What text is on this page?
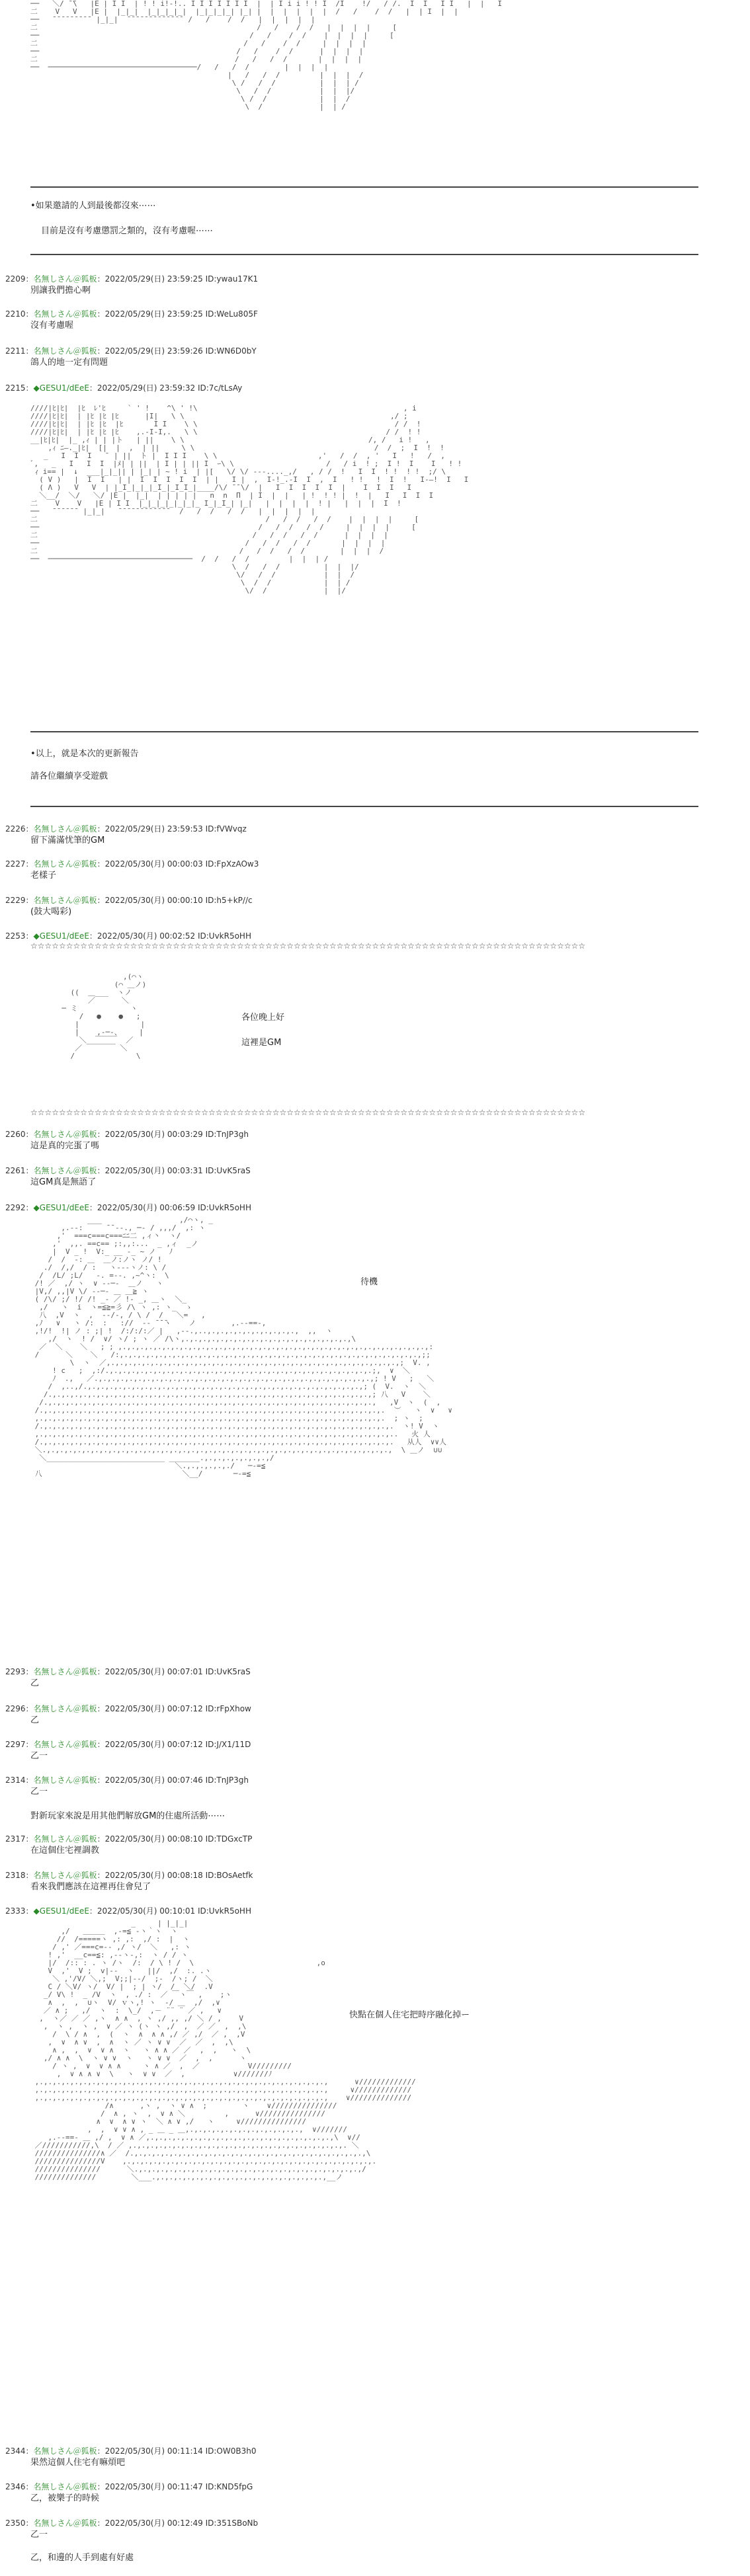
──   ＼/ ̄ ̄\   |E | I I  | ! ! i!-!.. I I I I I I I  |  | I i i ! ! I  /I    !/   / /.  I  I   I I   |  |   I
二    V   V   |E |  |_|_|  |_|_|_|_|  |_|_|_|_| |_| |  |  |  |  |  |  /   /    /  /   |  | I  |  |
──   ̄ ̄ ̄ ̄ ̄ ̄ ̄ ̄ ̄  |_|_|  ̄ ̄ ̄ ̄ ̄ ̄ ̄ ̄ ̄ ̄ ̄ ̄ ̄  /   /    /  /   |  |  |  |  |
二                                                  /   /    /  /   |  |  |  |     [
──                                                /   /    /  /    |  |  |  |     [
二                                               /   /    /  /     |  |  |  |
──                                             /   /    /  /      |  |  |  |
二                                             /   /   /  /       |  |  |  |
──  ──────────────────────────────────/   /   /  /        |  |  |  |
|   /   /  /         |  |  |  /
\ /   /  /          |  |  | /
\   /  /           |  |  |/
\ /  /            |  |  /
\  /             |  | /
•如果邀請的人到最後都沒來⋯⋯
目前是沒有考慮懲罰之類的，沒有考慮喔⋯⋯
2209：名無しさん＠狐板：2022/05/29(日) 23:59:25 ID:ywau17K1
別讓我們擔心啊
2210：名無しさん＠狐板：2022/05/29(日) 23:59:25 ID:WeLu805F
沒有考慮喔
2211：名無しさん＠狐板：2022/05/29(日) 23:59:26 ID:WN6D0bY
鴿人的地一定有問題
2215：◆GESU1/dEeE：2022/05/29(日) 23:59:32 ID:7c/tLsAy
////|ﾋ|ﾋ|  |ﾋ  ﾚ'ﾋ     ` ' !    ^\ ' !\                                               , i
////|ﾋ|ﾋ|  | |ﾋ |ﾋ |ﾋ      |I|   \ \                                               ,/ ;
////|ﾋ|ﾋ|  | |ﾋ |ﾋ  |ﾋ       I I    \ \                                             / /  !
////|ﾋ|ﾋ|  | |ﾋ |ﾋ |ﾋ    ,.-I-I,.   \ \                                           / /  ! !
__|ﾋ|ﾋ|  |_ ,ｨ | | |ト   | ||    \ \                                          /, /   i !   ,
,ｨ ﾆ―._|ﾋ|  [|  |  ,  | ||     \ \                                         /  /  ;  I  !  !
_   I  I  I   ˉ | ||  ト |  I I I    \ \                       ,'   /  /  , '   I   !   /  ,
ﾞ,   _   I   I  I  |ﾒ| | ||  | I | | || I  ｰ\ \                     /   / i  ! ;  I !  I    I   ! !
ｨ i== |  ↓  ___|_|_|| | |_| | ~ ! i  | |[   \/ \/ ---...._,/   , / /  !   I  I  ! !  ! !  ;/ \
( V )   |  I  I   | |  I  I  I  I  I  | |   I |  ,  I-!_.-I  I  ,  I   ! !   !  I  !   I-—!  I   I
( Λ )   V   V  | |_I_|_|_|_I_|_I_I_|____/\/ ̄ ̄ \/  |   I  I  I  I  I  |    I  I  I   I
＼__/  ＼/   ＼/ |E |  |_|  | | | | |   n  n  Π  | I  |  |   | !  ! ! |  !  |   I   I  I  I
二    V    V   |E | I I  |_|_|_|_|_|_|_ I_|_I_| |_|   |  |  |  |  ! |   |  |  |  I  !
──   ̄ ̄ ̄ ̄ ̄ ̄  |_|_|   ̄ ̄ ̄ ̄ ̄ ̄ ̄ ̄ ̄ ̄ ̄ ̄   /   /  /   /  /   |  |  |  |  |
二                                                    /   /  /   /  /    |  |  |  |     [
──                                                  /   /  /   /  /     |  |  |  |     [
二                                                 /   /  /   /  /      |  |  |  |
──                                               /   /  /   /  /       |  |  |  |
二                                              /   /  /   /  /        |  |  |  /
──  ─────────────────────────────────  /  /   /  /         |  |  | /
\  /   /  /          |  |  |/
\/   /  /           |  |  /
\  /  /            |  | /
\/  /             |  |/
•以上，就是本次的更新報告
請各位繼續享受遊戲
2226：名無しさん＠狐板：2022/05/29(日) 23:59:53 ID:fVWvqz
留下滿滿忧筆的GM
2227：名無しさん＠狐板：2022/05/30(月) 00:00:03 ID:FpXzAOw3
老樣子
2229：名無しさん＠狐板：2022/05/30(月) 00:00:10 ID:h5+kP//c
(鼓大喝彩)
2253：◆GESU1/dEeE：2022/05/30(月) 00:02:52 ID:UvkR5oHH
☆☆☆☆☆☆☆☆☆☆☆☆☆☆☆☆☆☆☆☆☆☆☆☆☆☆☆☆☆☆☆☆☆☆☆☆☆☆☆☆☆☆☆☆☆☆☆☆☆☆☆☆☆☆☆☆☆☆☆☆☆☆☆☆☆☆☆☆☆☆☆☆☆☆☆☆☆☆
,(⌒ヽ
(⌒ ＿ノ)
((  ＿___  ヽノ
／      ＼
─ ミ            ヽ
/   ●    ●   ;
|              |
|    ,-─‐、    |
＼  ￣￣￣  ／
／ ￣￣￣￣ ＼
/              \
各位晚上好
這裡是GM
☆☆☆☆☆☆☆☆☆☆☆☆☆☆☆☆☆☆☆☆☆☆☆☆☆☆☆☆☆☆☆☆☆☆☆☆☆☆☆☆☆☆☆☆☆☆☆☆☆☆☆☆☆☆☆☆☆☆☆☆☆☆☆☆☆☆☆☆☆☆☆☆☆☆☆☆☆☆
2260：名無しさん＠狐板：2022/05/30(月) 00:03:29 ID:TnJP3gh
這是真的完蛋了嗎
2261：名無しさん＠狐板：2022/05/30(月) 00:03:31 ID:UvK5raS
這GM真是無語了
2292：◆GESU1/dEeE：2022/05/30(月) 00:06:59 ID:UvkR5oHH
,/⌒ヽ, _
,.-‐: ￣￣ ̄ ̄ ‐-., ─- / ,,,/  ,: ヽ
,'  ===c===c===ﾆﾆ二 ,ィ丶  ヽ/
,'  ,,. ==c== ;:,,:...  _ ,ィ  _ノ
|  V _ !  V:_ __ -_ ~ ノ   ﾉ
/  /  ‐: ＿  ＿ノ:ノヽ ノ/ !
./  /,/  / :   ヽ--‐ヽノ: \ /
/  /L/ ;L/   ‐. =‐-. ,~^ヽ:  \
/! ／  ,/ ヽ  ∨ ‐-─‐  ＿ノ   ヽ
|V,/ ,,|V \/ ‐-─- ＿ ＿≧ ヽ
( /\/ ;/ !/ /! _- ／ !‐ _, ＿ヽ  ＼_
,/   ヽ  i  ヽ=≦≧=彡 /\ ヽ ,: ヽ_  ゝ
八  ,V  ヽ  ,  ‐-/-, / \ /  /   ＼=   ,
,ﾉ   ∨   ヽ /:  :   ://  -‐ ̄ ̄ ̄ヽ    ノ        ,.-‐==-,
,!/!  !| ノ : ;| !  /:/:/:／ |   ,-‐.,..,.,.,.,.,.,.,.,.,.,.,  ,,  ヽ
,/  ヽ  ! /  ∨/ ヽ/ ; ヽ ／ /\ヽ,.,.,.,.,.,.,.,.,.,.,.,.,.,.,.,.,.,.,.,\
／  ＼    ＼   ; ; ,.,.,.,.,.,.,.,.,.,.,.,.,.,.,.,.,.,.,.,.,.,.,.,.,.,.,.,.,.,.,.,.,.,.,.,:
/      ＼    ＼   /:,.,.,.,.,.,.,.,.,.,.,.,.,.,.,.,.,.,.,.,.,.,.,.,.,.,.,.,.,.,.,.,.,.,.,;;
\  ヽ  ／,.,.,.,.,.,.,.,.,.,.,.,.,.,.,.,.,.,.,.,.,.,.,.,.,.,.,.,.,.,.,.,.,.,;  V. ,
! c   ;  ,:/.,.,.,.,.,.,.,.,.,.,.,.,.,.,.,.,.,.,.,.,.,.,.,.,.,.,.,.,.,.,.;,  ∨  ＼
ﾉ  .,   ／.,.,.,.,.,.,.,.,.,.,.,.,.,.,.,.,.,.,.,.,.,.,.,.,.,.,.,.,.,.,.,.,; ! V   ;   ＼
/  ,..,/.,.,.,.,.,.,.,.,.,.,.,.,.,.,.,.,.,.,.,.,.,.,.,.,.,.,.,.,.,.,.,.,; (  V.  ヽ  ＼
/.,.,.,.,.,.,.,.,.,.,.,.,.,.,.,.,.,.,.,.,.,.,.,.,.,.,.,.,.,.,.,.,.,.,.,.,.,; 八   V    ＼
/.,.,.,.,.,.,.,.,.,.,.,.,.,.,.,.,.,.,.,.,.,.,.,.,.,.,.,.,.,.,.,.,.,.,.,.,.,.,   ,V  ヽ  (  ,
/.,.,.,.,.,.,.,.,.,.,.,.,.,.,.,.,.,.,.,.,.,.,.,.,.,.,.,.,.,.,.,.,.,.,.,.,.,.,.,.  ︶   ヽ  ∨   ∨
,.,.,.,.,.,.,.,.,.,.,.,.,.,.,.,.,.,.,.,.,.,.,.,.,.,.,.,.,.,.,.,.,.,.,.,.,.,.,.,.  ; ヽ  ;
/.,.,.,.,.,.,.,.,.,.,.,.,.,.,.,.,.,.,.,.,.,.,.,.,.,.,.,.,.,.,.,.,.,.,.,.,.,.,.,.,.  ヽ! V  ヽ
,.,.,.,.,.,.,.,.,.,.,.,.,.,.,.,.,.,.,.,.,.,.,.,.,.,.,.,.,.,.,.,.,.,.,.,.,.,.,.,.,..   火 人
/.,.,.,.,.,.,.,.,.,.,.,.,.,.,.,.,.,.,.,.,.,.,.,.,.,.,.,.,.,.,.,.,.,.,.,.,.,.,.,.,.   从人  ∨∨人
＼.,.,.,.,.,.,.,.,.,.,.,.,.,.,.,.,.,.,.,.,.,.,.,.,.,.,.,.,.,.,.,.,.,.,.,.,.,.,.,.,  \ ＿ノ  ∪∪
＼___________________________ _______.,.,.,.,.,.,.,.,/
＼.,.,.,.,.,./   ─‐=≦
八                                ＼__/       ─‐=≦
待機
2293：名無しさん＠狐板：2022/05/30(月) 00:07:01 ID:UvK5raS
乙
2296：名無しさん＠狐板：2022/05/30(月) 00:07:12 ID:rFpXhow
乙
2297：名無しさん＠狐板：2022/05/30(月) 00:07:12 ID:J/X1/11D
乙一
2314：名無しさん＠狐板：2022/05/30(月) 00:07:46 ID:TnJP3gh
乙一
對新玩家來說是用其他們解放GM的住處所活動⋯⋯
2317：名無しさん＠狐板：2022/05/30(月) 00:08:10 ID:TDGxcTP
在這個住宅裡調教
2318：名無しさん＠狐板：2022/05/30(月) 00:08:18 ID:BOsAetfk
看來我們應該在這裡再住會兒了
2333：◆GESU1/dEeE：2022/05/30(月) 00:10:01 ID:UvkR5oHH
_     | |_|_|
,/   ＿＿＿  ,‐=≦ ‐ヽ｀ヽ  ヽ
//  /=====ヽ ,: ,:  ,/ :  |  ヽ
/ ,' ／===c=‐‐ ,/ ヽ/  ＼   ,: ヽ
! ,'  __c==≦: ,-‐ヽ‐,:  ヽ / / ヽ
|/  /:: : . ヽ /ヽ  /:  / \ ! /  \                            ,o
V  ,'  V ;  v|-‐  ヽ   ||/  ,/  :. .ヽ
＼ ,'/V/ ＼,;  V;;|-‐/  ;-  /ヽ; /  ＼
C / ＼V/ ヽ/  V/ |  ; | ヽ/  /  ＼/  .V
_/ V\ !  _ /V  ヽ  , ./ :  ／ ￣ヽ￣ ,    ;ヽ
∧  ,  ,  ∪ヽ  V/ ｖヽ,! ヽ  ‐/ ＿  ,/  ,∨
／ ∧ ;   ,/  ヽ  :  \_/  ,－ ¨¨ ¨ ／ ,   ∨
,  ヽ／ ／ ／ ,ヽ  ∧ ∧  , ヽ ,/ ,, ,/ ＼ / ,    V
,  ヽ ,  ヽ ,  ∨ ／ ヽ (ヽ ヽ ,/  ,  ／ ／  ,  ,\
/  \ / ∧  ,  (  ヽ  ∧  ∧ ∧ ,/ ／ ,/  ／ ,  ,V
,  ∨  ∧ ∨  ,  ∧  ヽ ／ ヽ ∨ ∨  ／  ／  ,  ,\
∧ ,  ,  ∨  ∨ ∧  ヽ   ヽ ∧ ∧ ／ ／  ,  ,   ヽ  \
,/ ∧ ∧  \  ヽ ∨ ∨  ヽ   ヽ ∨ ∨  ／  ,  ,      ヽ
/ ヽ ,  ∨  ∨ ∧ ∧     ヽ ∧ ／  ,  ／           V/////////
,  ∨ ∧ ∧ ∨  \   ヽ  ∨ ∨  ／  ,           ∨///////ﾉ
,.,.,.,.,.,.,.,.,.,.,.,.,.,.,.,.,.,.,.,.,.,.,.,.,.,.,.,.,.,.,.,.,.,      ∨/////////////
,.,.,.,.,.,.,.,.,.,.,.,.,.,.,.,.,.,.,.,.,.,.,.,.,.,.,.,.,.,.,.,.,.,     ∨/////////////
,.,.,.,.,.,.,.,.,.,.,.,.,.,.,.,.,.,.,.,.,.,.,.,.,.,.,.,.,.,.,.,.,.,    ∨//////////////
/∧      ,ヽ ,  ヽ ∨ ∧  ;        ヽ    ∨///////////////
/  ∧ , ヽ  ,  ∨ ∧ ＼         ,      ∨///////////////
∧  ∨  ∧ ∨ ヽ  ＼ ∧ ∨ ,/   ヽ     ∨///////////////
,  ,  ∨ ∨ ∧ , _ ＿ _ ＿,.,.,.,.,.,.,.,.,.,.,.,.,.,  ∨///////
,.-‐==- ＿ ,/ ,  ∨ ∧ ／,.,.,.,.,.,.,.,.,.,.,.,.,.,.,.,.,.,.,.,.,.,\  ∨//
／///////////,\  / ／ ,.,.,.,.,.,.,.,.,.,.,.,.,.,.,.,.,.,.,.,.,.,.,.,.,. ＼
///////////////∧ ／  /.,.,.,.,.,.,.,.,.,.,.,.,.,.,.,.,.,.,.,.,.,.,.,.,.,.,.,\
///////////////V    ,.,.,.,.,.,.,.,.,.,.,.,.,.,.,.,.,.,.,.,.,.,.,.,.,.,.,.,.,.
///////////////      ＼.,.,.,.,.,.,.,.,.,.,.,.,.,.,.,.,.,.,.,.,.,.,.,.,.,.,/
//////////////        ＼___.,.,.,.,.,.,.,.,.,.,.,.,.,.,.,.,.,.,.,.,__ノ
快點在個人住宅把時序融化掉ー
2344：名無しさん＠狐板：2022/05/30(月) 00:11:14 ID:OW0B3h0
果然這個人住宅有嘛煩吧
2346：名無しさん＠狐板：2022/05/30(月) 00:11:47 ID:KND5fpG
乙，被樂子的時候
2350：名無しさん＠狐板：2022/05/30(月) 00:12:49 ID:351SBoNb
乙一
乙，和邊的人手到處有好處
